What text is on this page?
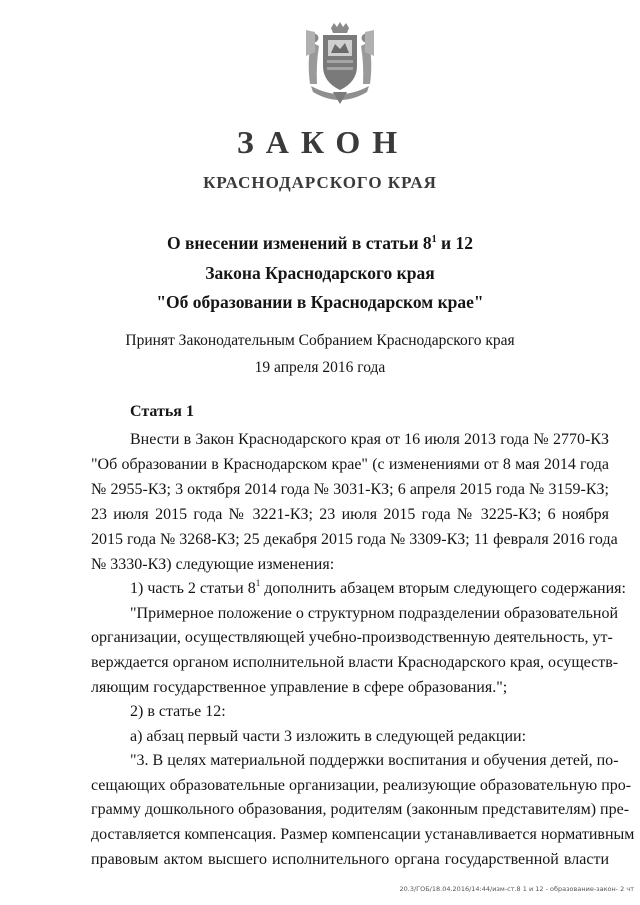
ЗАКОН
КРАСНОДАРСКОГО КРАЯ
О внесении изменений в статьи $8^1$ и 12
Закона Краснодарского края
"Об образовании в Краснодарском крае"
Принят Законодательным Собранием Краснодарского края
19 апреля 2016 года
Статья 1
Внести в Закон Краснодарского края от 16 июля 2013 года № 2770-КЗ
"Об образовании в Краснодарском крае" (с изменениями от 8 мая 2014 года
№ 2955-КЗ; 3 октября 2014 года № 3031-КЗ; 6 апреля 2015 года № 3159-КЗ;
23 июля 2015 года № 3221-КЗ; 23 июля 2015 года № 3225-КЗ; 6 ноября
2015 года № 3268-КЗ; 25 декабря 2015 года № 3309-КЗ; 11 февраля 2016 года
№ 3330-КЗ) следующие изменения:
1) часть 2 статьи $8^1$ дополнить абзацем вторым следующего содержания:
"Примерное положение о структурном подразделении образовательной
организации, осуществляющей учебно-производственную деятельность, ут-
верждается органом исполнительной власти Краснодарского края, осуществ-
ляющим государственное управление в сфере образования.";
2) в статье 12:
а) абзац первый части 3 изложить в следующей редакции:
"3. В целях материальной поддержки воспитания и обучения детей, по-
сещающих образовательные организации, реализующие образовательную про-
грамму дошкольного образования, родителям (законным представителям) пре-
доставляется компенсация. Размер компенсации устанавливается нормативным
правовым актом высшего исполнительного органа государственной власти
20.3/ГОБ/18.04.2016/14:44/изм-ст.8 1 и 12 - образование-закон- 2 чт
